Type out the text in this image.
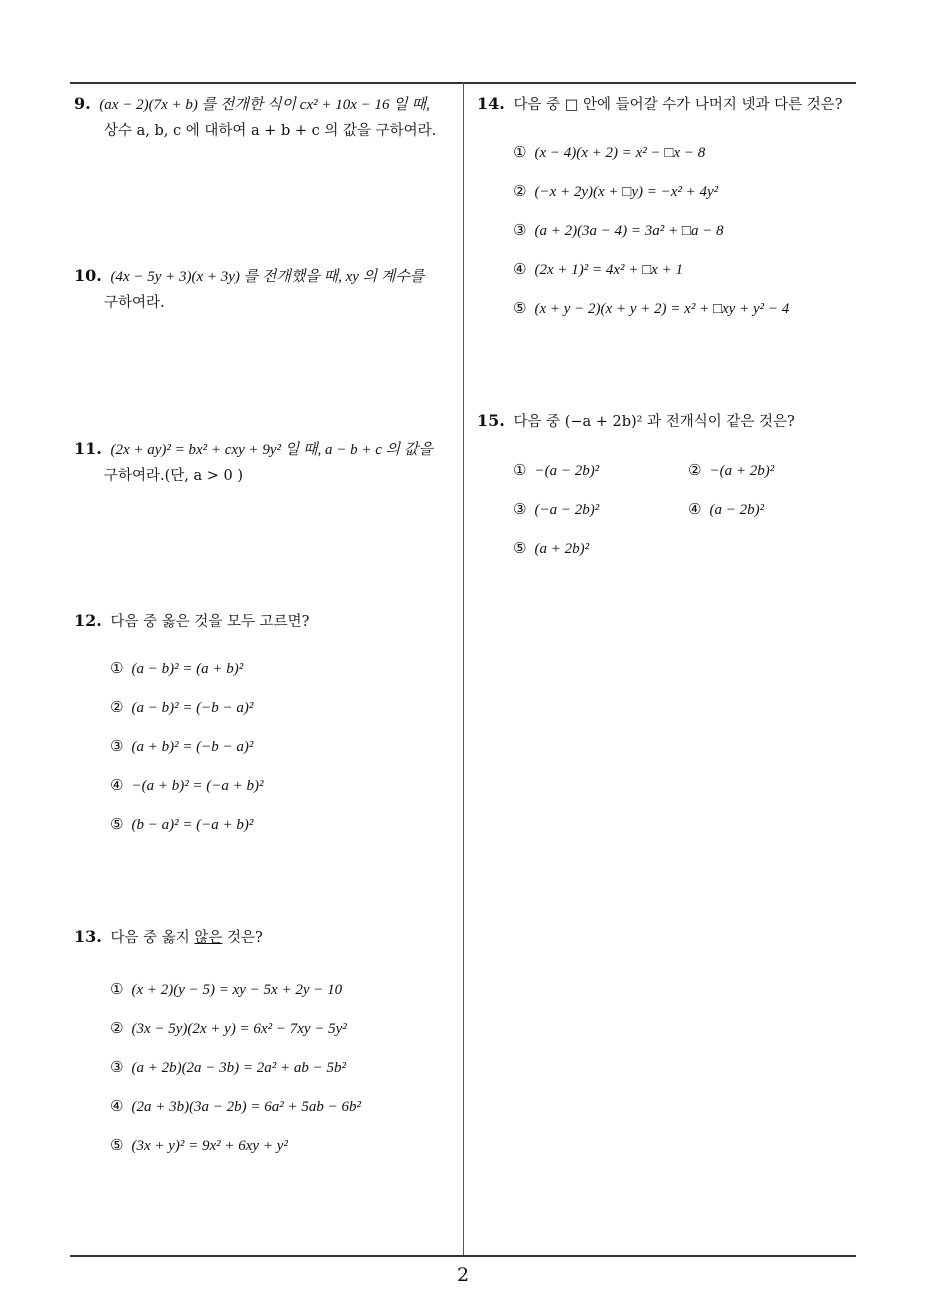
9. (ax − 2)(7x + b) 를 전개한 식이 cx² + 10x − 16 일 때,
상수 a, b, c 에 대하여 a + b + c 의 값을 구하여라.
10. (4x − 5y + 3)(x + 3y) 를 전개했을 때, xy 의 계수를
구하여라.
11. (2x + ay)² = bx² + cxy + 9y² 일 때, a − b + c 의 값을
구하여라.(단, a > 0 )
12. 다음 중 옳은 것을 모두 고르면?
① (a − b)² = (a + b)²
② (a − b)² = (−b − a)²
③ (a + b)² = (−b − a)²
④ −(a + b)² = (−a + b)²
⑤ (b − a)² = (−a + b)²
13. 다음 중 옳지 않은 것은?
① (x + 2)(y − 5) = xy − 5x + 2y − 10
② (3x − 5y)(2x + y) = 6x² − 7xy − 5y²
③ (a + 2b)(2a − 3b) = 2a² + ab − 5b²
④ (2a + 3b)(3a − 2b) = 6a² + 5ab − 6b²
⑤ (3x + y)² = 9x² + 6xy + y²
14. 다음 중 □ 안에 들어갈 수가 나머지 넷과 다른 것은?
① (x − 4)(x + 2) = x² − □x − 8
② (−x + 2y)(x + □y) = −x² + 4y²
③ (a + 2)(3a − 4) = 3a² + □a − 8
④ (2x + 1)² = 4x² + □x + 1
⑤ (x + y − 2)(x + y + 2) = x² + □xy + y² − 4
15. 다음 중 (−a + 2b)² 과 전개식이 같은 것은?
① −(a − 2b)²	② −(a + 2b)²
③ (−a − 2b)²	④ (a − 2b)²
⑤ (a + 2b)²
2
